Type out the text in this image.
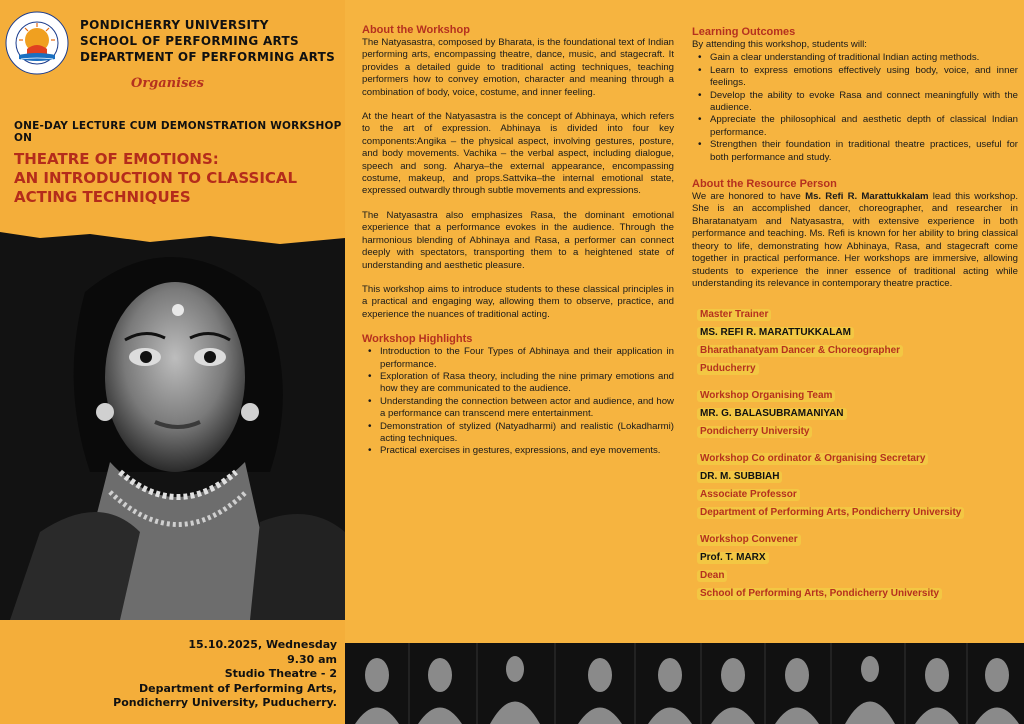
PONDICHERRY UNIVERSITY
SCHOOL OF PERFORMING ARTS
DEPARTMENT OF PERFORMING ARTS
Organises
ONE-DAY LECTURE CUM DEMONSTRATION WORKSHOP ON
THEATRE OF EMOTIONS:
AN INTRODUCTION TO CLASSICAL
ACTING TECHNIQUES
15.10.2025, Wednesday
9.30 am
Studio Theatre - 2
Department of Performing Arts,
Pondicherry University, Puducherry.
About the Workshop

The Natyasastra, composed by Bharata, is the foundational text of Indian performing arts, encompassing theatre, dance, music, and stagecraft. It provides a detailed guide to traditional acting techniques, teaching performers how to convey emotion, character and meaning through a combination of body, voice, costume, and inner feeling.

At the heart of the Natyasastra is the concept of Abhinaya, which refers to the art of expression. Abhinaya is divided into four key components:Angika – the physical aspect, involving gestures, posture, and body movements. Vachika – the verbal aspect, including dialogue, speech and song. Aharya–the external appearance, encompassing costume, makeup, and props.Sattvika–the internal emotional state, expressed outwardly through subtle movements and expressions.

The Natyasastra also emphasizes Rasa, the dominant emotional experience that a performance evokes in the audience. Through the harmonious blending of Abhinaya and Rasa, a performer can connect deeply with spectators, transporting them to a heightened state of understanding and aesthetic pleasure.

This workshop aims to introduce students to these classical principles in a practical and engaging way, allowing them to observe, practice, and experience the nuances of traditional acting.

Workshop Highlights
• Introduction to the Four Types of Abhinaya and their application in performance.
• Exploration of Rasa theory, including the nine primary emotions and how they are communicated to the audience.
• Understanding the connection between actor and audience, and how a performance can transcend mere entertainment.
• Demonstration of stylized (Natyadharmi) and realistic (Lokadharmi) acting techniques.
• Practical exercises in gestures, expressions, and eye movements.
Learning Outcomes
By attending this workshop, students will:
• Gain a clear understanding of traditional Indian acting methods.
• Learn to express emotions effectively using body, voice, and inner feelings.
• Develop the ability to evoke Rasa and connect meaningfully with the audience.
• Appreciate the philosophical and aesthetic depth of classical Indian performance.
• Strengthen their foundation in traditional theatre practices, useful for both performance and study.
About the Resource Person
We are honored to have Ms. Refi R. Marattukkalam lead this workshop. She is an accomplished dancer, choreographer, and researcher in Bharatanatyam and Natyasastra, with extensive experience in both performance and teaching. Ms. Refi is known for her ability to bring classical theory to life, demonstrating how Abhinaya, Rasa, and stagecraft come together in practical performance. Her workshops are immersive, allowing students to experience the inner essence of traditional acting while understanding its relevance in contemporary theatre practice.
Master Trainer
MS. REFI R. MARATTUKKALAM
Bharathanatyam Dancer & Choreographer
Puducherry
Workshop Organising Team
MR. G. BALASUBRAMANIYAN
Pondicherry University
Workshop Co ordinator & Organising Secretary
DR. M. SUBBIAH
Associate Professor
Department of Performing Arts, Pondicherry University
Workshop Convener
Prof. T. MARX
Dean
School of Performing Arts, Pondicherry University
